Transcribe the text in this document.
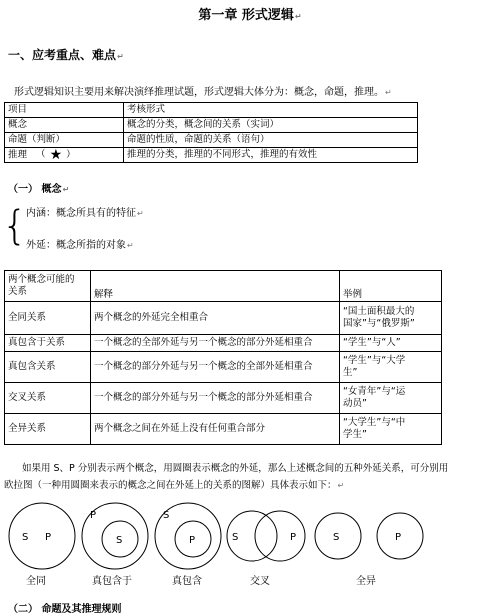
第一章 形式逻辑↵
一、应考重点、难点↵
形式逻辑知识主要用来解决演绎推理试题，形式逻辑大体分为：概念，命题，推理。↵
项目	考核形式
概念	概念的分类，概念间的关系（实词）
命题（判断）	命题的性质，命题的关系（语句）
推理 （ ★ ）	推理的分类，推理的不同形式，推理的有效性
（一） 概念↵
{
内涵：概念所具有的特征↵
外延：概念所指的对象↵
两个概念可能的
关系	解释	举例
全同关系	两个概念的外延完全相重合	“国土面积最大的
国家”与“俄罗斯”

真包含于关系	一个概念的全部外延与另一个概念的部分外延相重合	“学生”与“人”

真包含关系	一个概念的部分外延与另一个概念的全部外延相重合	“学生”与“大学
生”

交叉关系	一个概念的部分外延与另一个概念的部分外延相重合	“女青年”与“运
动员”

全异关系	两个概念之间在外延上没有任何重合部分	“大学生”与“中
学生”
如果用 S、P 分别表示两个概念，用圆圈表示概念的外延，那么上述概念间的五种外延关系，可分别用
欧拉图（一种用圆圈来表示的概念之间在外延上的关系的图解）具体表示如下：↵
S P
P
S
S
P	S	P	S	P
全同	真包含于	真包含	交叉	全异
（二） 命题及其推理规则
